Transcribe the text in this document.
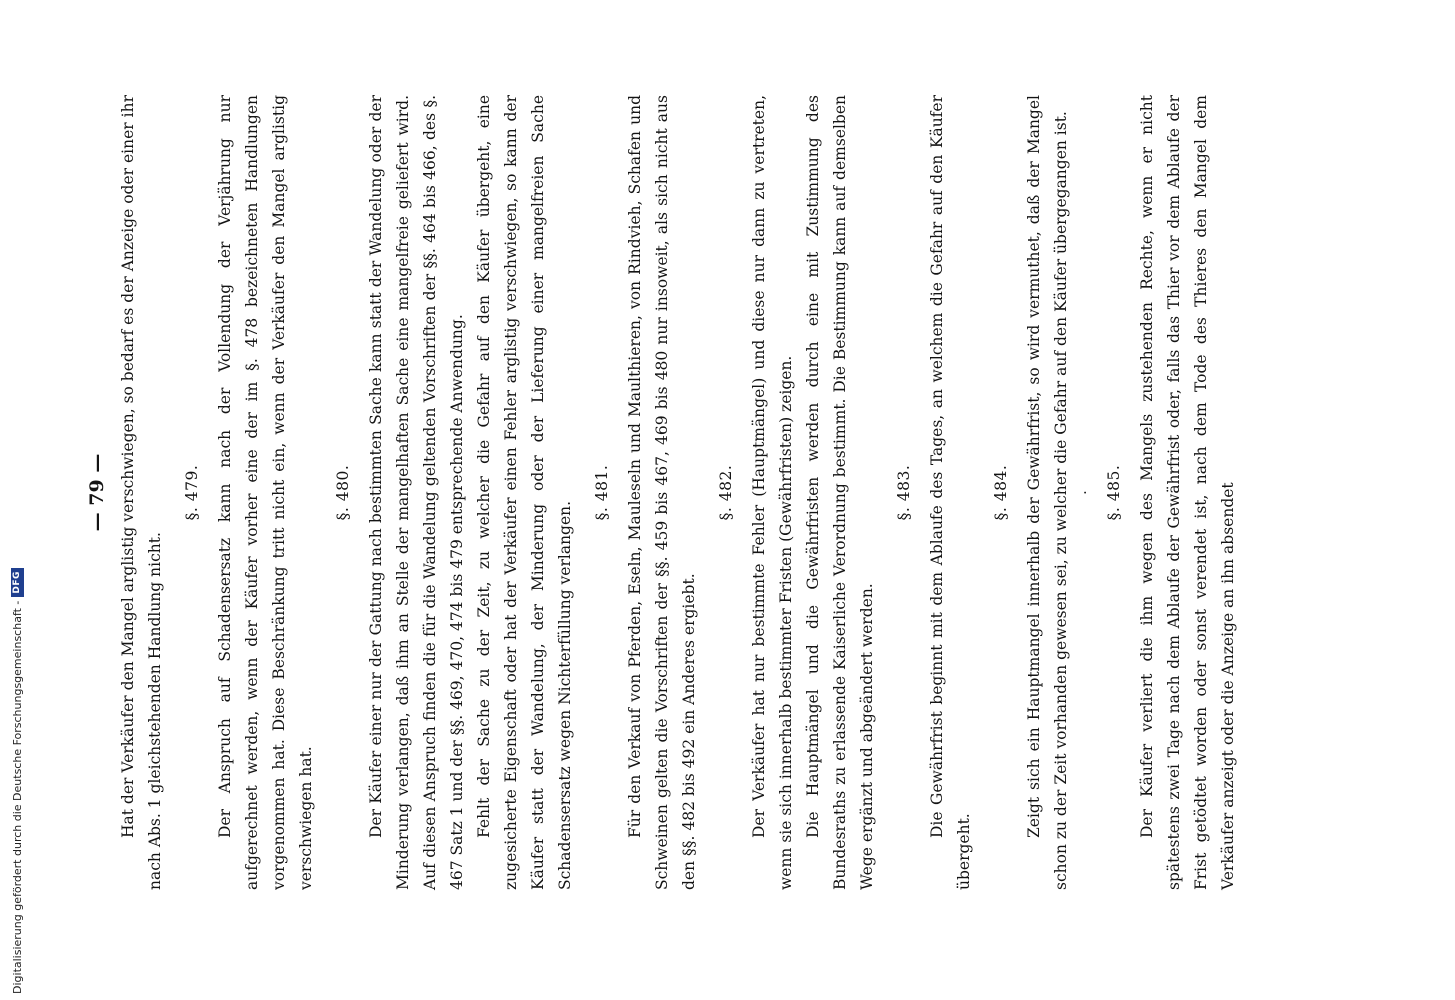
Digitalisierung gefördert durch die Deutsche Forschungsgemeinschaft -
DFG
— 79 — Hat der Verkäufer den Mangel arglistig verschwiegen, so bedarf es der Anzeige oder einer ihr nach Abs. 1 gleichstehenden Handlung nicht.

§. 479. Der Anspruch auf Schadensersatz kann nach der Vollendung der Verjährung nur aufgerechnet werden, wenn der Käufer vorher eine der im §. 478 bezeichneten Handlungen vorgenommen hat. Diese Beschränkung tritt nicht ein, wenn der Verkäufer den Mangel arglistig verschwiegen hat.

§. 480. Der Käufer einer nur der Gattung nach bestimmten Sache kann statt der Wandelung oder der Minderung verlangen, daß ihm an Stelle der mangelhaften Sache eine mangelfreie geliefert wird. Auf diesen Anspruch finden die für die Wandelung geltenden Vorschriften der §§. 464 bis 466, des §. 467 Satz 1 und der §§. 469, 470, 474 bis 479 entsprechende Anwendung. Fehlt der Sache zu der Zeit, zu welcher die Gefahr auf den Käufer übergeht, eine zugesicherte Eigenschaft oder hat der Verkäufer einen Fehler arglistig verschwiegen, so kann der Käufer statt der Wandelung, der Minderung oder der Lieferung einer mangelfreien Sache Schadensersatz wegen Nichterfüllung verlangen.

§. 481. Für den Verkauf von Pferden, Eseln, Mauleseln und Maulthieren, von Rindvieh, Schafen und Schweinen gelten die Vorschriften der §§. 459 bis 467, 469 bis 480 nur insoweit, als sich nicht aus den §§. 482 bis 492 ein Anderes ergiebt.

§. 482. Der Verkäufer hat nur bestimmte Fehler (Hauptmängel) und diese nur dann zu vertreten, wenn sie sich innerhalb bestimmter Fristen (Gewährfristen) zeigen. Die Hauptmängel und die Gewährfristen werden durch eine mit Zustimmung des Bundesraths zu erlassende Kaiserliche Verordnung bestimmt. Die Bestimmung kann auf demselben Wege ergänzt und abgeändert werden.

§. 483. Die Gewährfrist beginnt mit dem Ablaufe des Tages, an welchem die Gefahr auf den Käufer übergeht.

§. 484. Zeigt sich ein Hauptmangel innerhalb der Gewährfrist, so wird vermuthet, daß der Mangel schon zu der Zeit vorhanden gewesen sei, zu welcher die Gefahr auf den Käufer übergegangen ist. · §. 485. Der Käufer verliert die ihm wegen des Mangels zustehenden Rechte, wenn er nicht spätestens zwei Tage nach dem Ablaufe der Gewährfrist oder, falls das Thier vor dem Ablaufe der Frist getödtet worden oder sonst verendet ist, nach dem Tode des Thieres den Mangel dem Verkäufer anzeigt oder die Anzeige an ihn absendet
